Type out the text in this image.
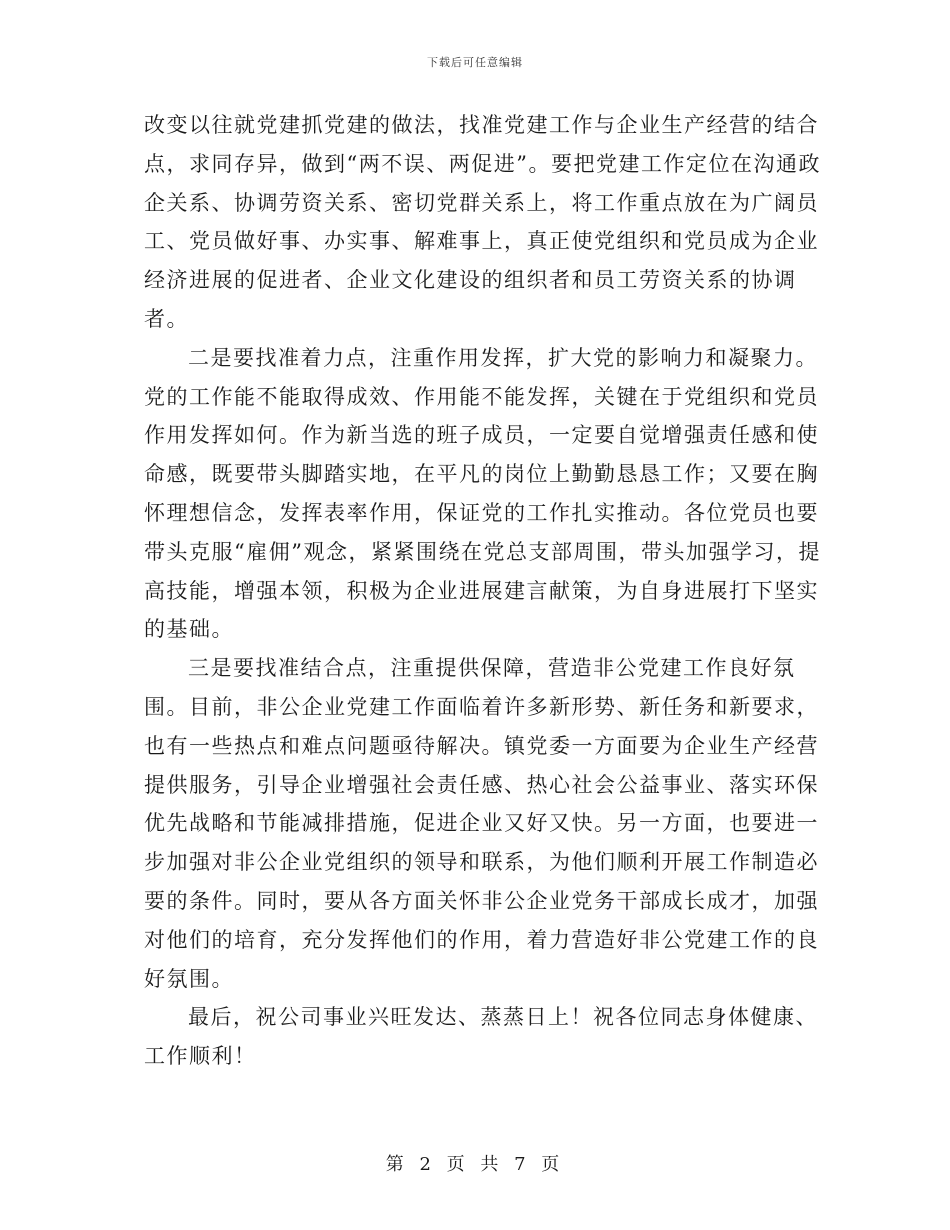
下载后可任意编辑

改变以往就党建抓党建的做法，找准党建工作与企业生产经营的结合点，求同存异，做到“两不误、两促进”。要把党建工作定位在沟通政企关系、协调劳资关系、密切党群关系上，将工作重点放在为广阔员工、党员做好事、办实事、解难事上，真正使党组织和党员成为企业经济进展的促进者、企业文化建设的组织者和员工劳资关系的协调者。

二是要找准着力点，注重作用发挥，扩大党的影响力和凝聚力。党的工作能不能取得成效、作用能不能发挥，关键在于党组织和党员作用发挥如何。作为新当选的班子成员，一定要自觉增强责任感和使命感，既要带头脚踏实地，在平凡的岗位上勤勤恳恳工作；又要在胸怀理想信念，发挥表率作用，保证党的工作扎实推动。各位党员也要带头克服“雇佣”观念，紧紧围绕在党总支部周围，带头加强学习，提高技能，增强本领，积极为企业进展建言献策，为自身进展打下坚实的基础。

三是要找准结合点，注重提供保障，营造非公党建工作良好氛围。目前，非公企业党建工作面临着许多新形势、新任务和新要求，也有一些热点和难点问题亟待解决。镇党委一方面要为企业生产经营提供服务，引导企业增强社会责任感、热心社会公益事业、落实环保优先战略和节能减排措施，促进企业又好又快。另一方面，也要进一步加强对非公企业党组织的领导和联系，为他们顺利开展工作制造必要的条件。同时，要从各方面关怀非公企业党务干部成长成才，加强对他们的培育，充分发挥他们的作用，着力营造好非公党建工作的良好氛围。

最后，祝公司事业兴旺发达、蒸蒸日上！祝各位同志身体健康、工作顺利！

第 2 页 共 7 页
